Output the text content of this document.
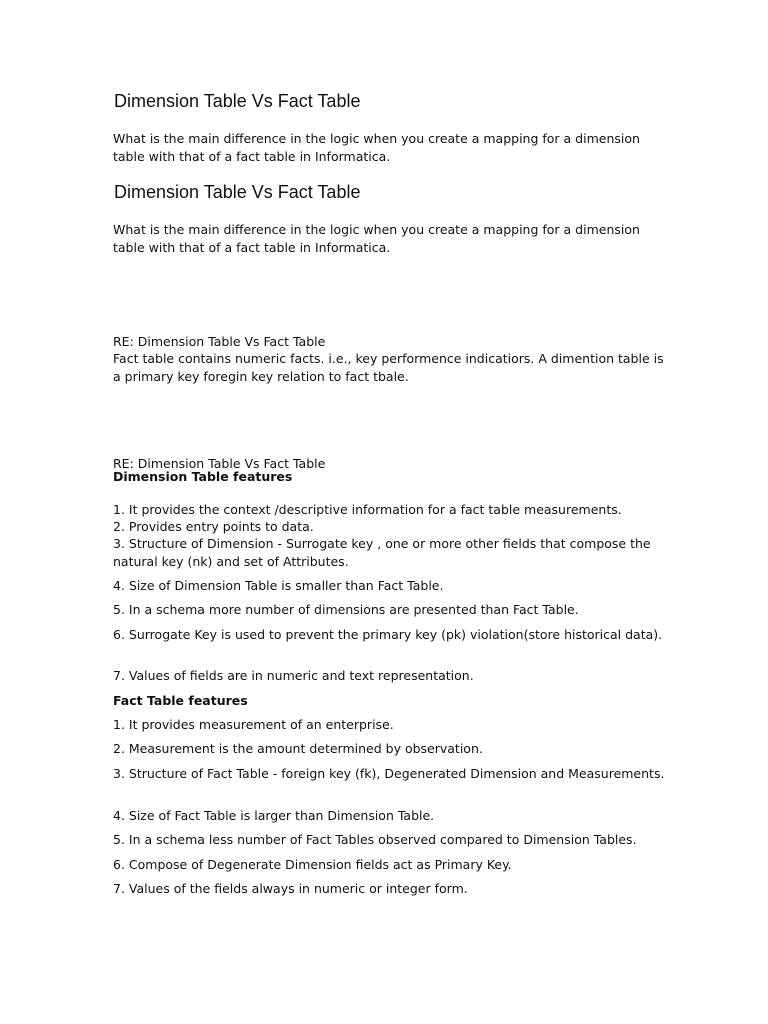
Dimension Table Vs Fact Table

What is the main difference in the logic when you create a mapping for a dimension table with that of a fact table in Informatica.

Dimension Table Vs Fact Table

What is the main difference in the logic when you create a mapping for a dimension table with that of a fact table in Informatica.

RE: Dimension Table Vs Fact Table

Fact table contains numeric facts. i.e., key performence indicatiors. A dimention table is a primary key foregin key relation to fact tbale.

RE: Dimension Table Vs Fact Table

Dimension Table features

1. It provides the context /descriptive information for a fact table measurements.

2. Provides entry points to data.

3. Structure of Dimension - Surrogate key , one or more other fields that compose the natural key (nk) and set of Attributes.

4. Size of Dimension Table is smaller than Fact Table.

5. In a schema more number of dimensions are presented than Fact Table.

6. Surrogate Key is used to prevent the primary key (pk) violation(store historical data).

7. Values of fields are in numeric and text representation.

Fact Table features

1. It provides measurement of an enterprise.

2. Measurement is the amount determined by observation.

3. Structure of Fact Table - foreign key (fk), Degenerated Dimension and Measurements.

4. Size of Fact Table is larger than Dimension Table.

5. In a schema less number of Fact Tables observed compared to Dimension Tables.

6. Compose of Degenerate Dimension fields act as Primary Key.

7. Values of the fields always in numeric or integer form.
